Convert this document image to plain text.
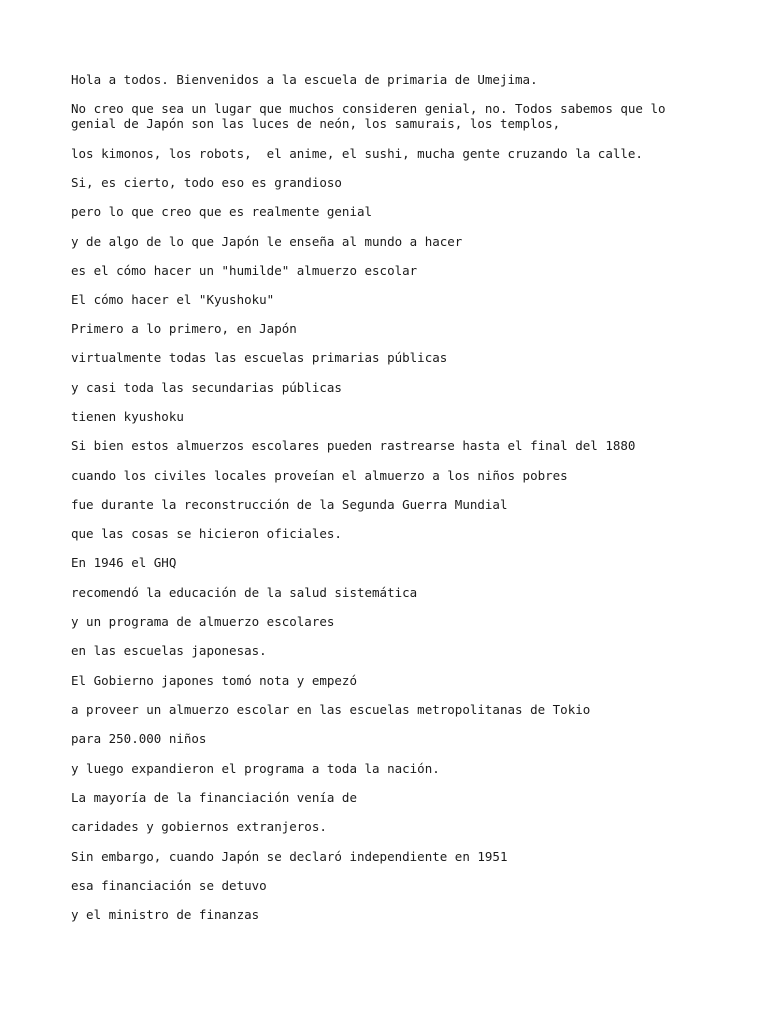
Hola a todos. Bienvenidos a la escuela de primaria de Umejima.

No creo que sea un lugar que muchos consideren genial, no. Todos sabemos que lo genial de Japón son las luces de neón, los samurais, los templos,

los kimonos, los robots,  el anime, el sushi, mucha gente cruzando la calle.

Si, es cierto, todo eso es grandioso

pero lo que creo que es realmente genial

y de algo de lo que Japón le enseña al mundo a hacer

es el cómo hacer un "humilde" almuerzo escolar

El cómo hacer el "Kyushoku"

Primero a lo primero, en Japón

virtualmente todas las escuelas primarias públicas

y casi toda las secundarias públicas

tienen kyushoku

Si bien estos almuerzos escolares pueden rastrearse hasta el final del 1880

cuando los civiles locales proveían el almuerzo a los niños pobres

fue durante la reconstrucción de la Segunda Guerra Mundial

que las cosas se hicieron oficiales.

En 1946 el GHQ

recomendó la educación de la salud sistemática

y un programa de almuerzo escolares

en las escuelas japonesas.

El Gobierno japones tomó nota y empezó

a proveer un almuerzo escolar en las escuelas metropolitanas de Tokio

para 250.000 niños

y luego expandieron el programa a toda la nación.

La mayoría de la financiación venía de

caridades y gobiernos extranjeros.

Sin embargo, cuando Japón se declaró independiente en 1951

esa financiación se detuvo

y el ministro de finanzas
